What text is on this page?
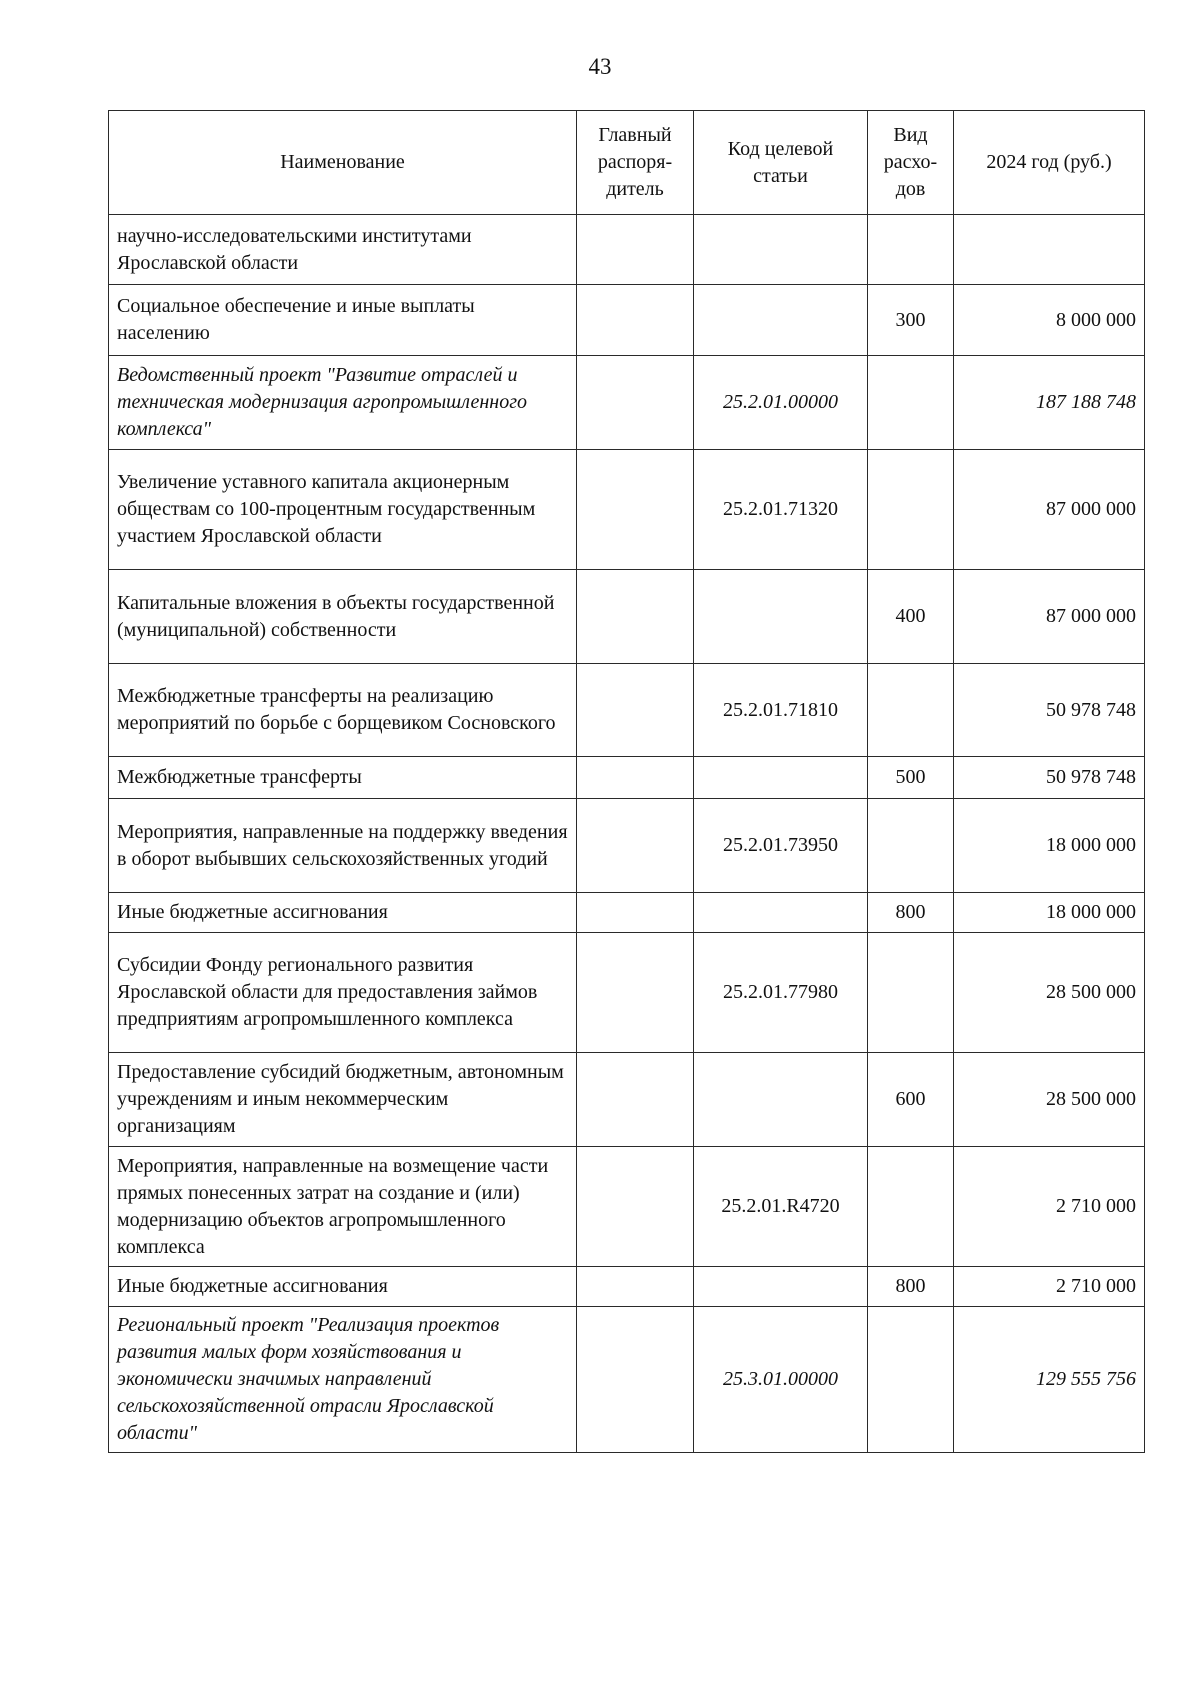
43
Наименование	Главный распоря-дитель	Код целевой статьи	Вид расхо-дов	2024 год (руб.)
научно-исследовательскими институтами Ярославской области				
Социальное обеспечение и иные выплаты населению			300	8 000 000
Ведомственный проект "Развитие отраслей и техническая модернизация агропромышленного комплекса"		25.2.01.00000		187 188 748
Увеличение уставного капитала акционерным обществам со 100-процентным государственным участием Ярославской области		25.2.01.71320		87 000 000
Капитальные вложения в объекты государственной (муниципальной) собственности			400	87 000 000
Межбюджетные трансферты на реализацию мероприятий по борьбе с борщевиком Сосновского		25.2.01.71810		50 978 748
Межбюджетные трансферты			500	50 978 748
Мероприятия, направленные на поддержку введения в оборот выбывших сельскохозяйственных угодий		25.2.01.73950		18 000 000
Иные бюджетные ассигнования			800	18 000 000
Субсидии Фонду регионального развития Ярославской области для предоставления займов предприятиям агропромышленного комплекса		25.2.01.77980		28 500 000
Предоставление субсидий бюджетным, автономным учреждениям и иным некоммерческим организациям			600	28 500 000
Мероприятия, направленные на возмещение части прямых понесенных затрат на создание и (или) модернизацию объектов агропромышленного комплекса		25.2.01.R4720		2 710 000
Иные бюджетные ассигнования			800	2 710 000
Региональный проект "Реализация проектов развития малых форм хозяйствования и экономически значимых направлений сельскохозяйственной отрасли Ярославской области"		25.3.01.00000		129 555 756
